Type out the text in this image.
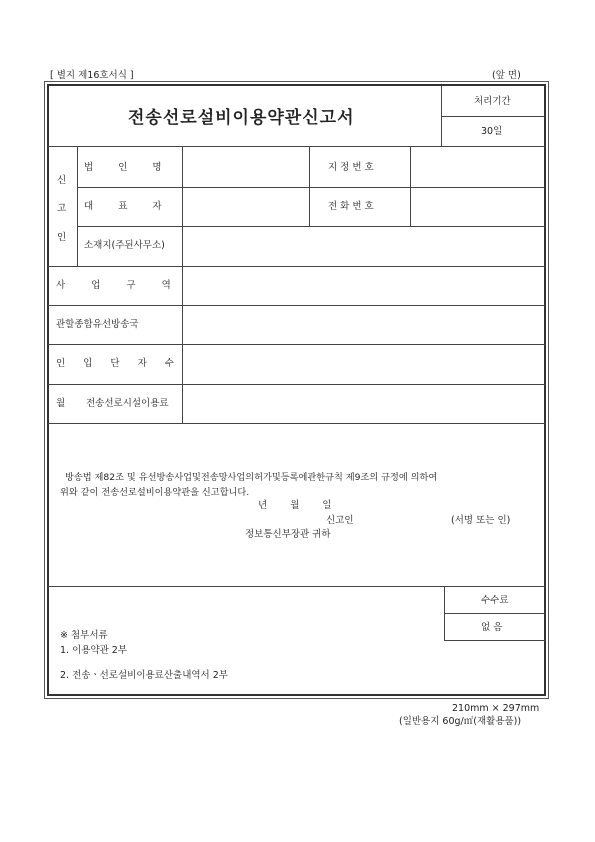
[ 별지 제16호서식 ]	(앞 면)
전송선로설비이용약관신고서
처리기간
30일
신
고
인
법 인 명	지정번호
대 표 자	전화번호
소재지(주된사무소)
사 업 구 역
관할종합유선방송국
인 입 단 자 수
월 전송선로시설이용료
방송법 제82조 및 유선방송사업및전송망사업의허가및등록에관한규칙 제9조의 규정에 의하여
위와 같이 전송선로설비이용약관을 신고합니다.
년 월 일
신고인	(서명 또는 인)
정보통신부장관 귀하
수수료
없 음
※ 첨부서류
1. 이용약관 2부
2. 전송ㆍ선로설비이용료산출내역서 2부
210mm × 297mm
(일반용지 60g/㎡(재활용품))
